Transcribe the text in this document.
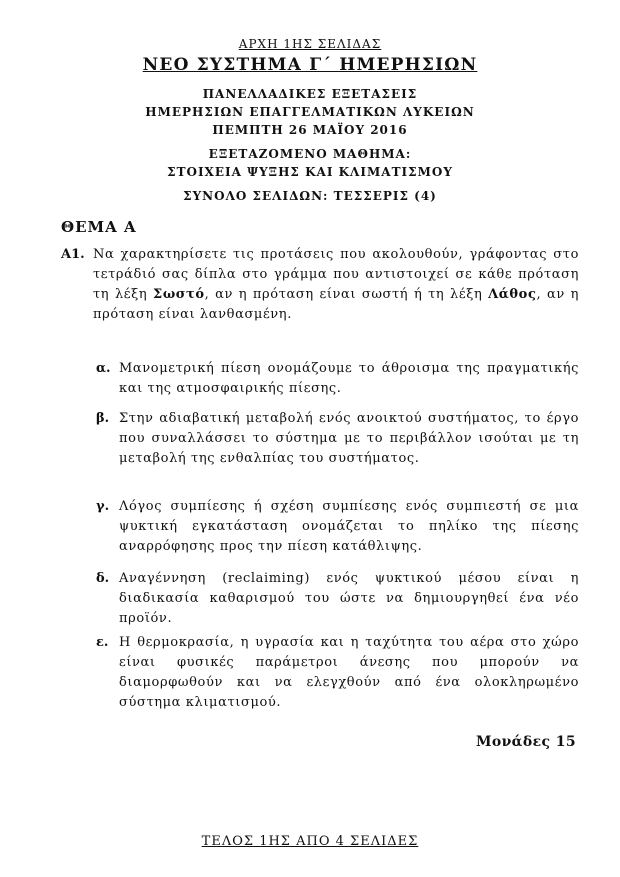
ΑΡΧΗ 1ΗΣ ΣΕΛΙΔΑΣ
ΝΕΟ ΣΥΣΤΗΜΑ Γ΄ ΗΜΕΡΗΣΙΩΝ
ΠΑΝΕΛΛΑΔΙΚΕΣ ΕΞΕΤΑΣΕΙΣ
ΗΜΕΡΗΣΙΩΝ ΕΠΑΓΓΕΛΜΑΤΙΚΩΝ ΛΥΚΕΙΩΝ
ΠΕΜΠΤΗ 26 ΜΑΪΟΥ 2016
ΕΞΕΤΑΖΟΜΕΝΟ ΜΑΘΗΜΑ:
ΣΤΟΙΧΕΙΑ ΨΥΞΗΣ ΚΑΙ ΚΛΙΜΑΤΙΣΜΟΥ
ΣΥΝΟΛΟ ΣΕΛΙΔΩΝ: ΤΕΣΣΕΡΙΣ (4)
ΘΕΜΑ Α
Α1. Να χαρακτηρίσετε τις προτάσεις που ακολουθούν, γράφοντας στο τετράδιό σας δίπλα στο γράμμα που αντιστοιχεί σε κάθε πρόταση τη λέξη Σωστό, αν η πρόταση είναι σωστή ή τη λέξη Λάθος, αν η πρόταση είναι λανθασμένη.
α. Μανομετρική πίεση ονομάζουμε το άθροισμα της πραγματικής και της ατμοσφαιρικής πίεσης.
β. Στην αδιαβατική μεταβολή ενός ανοικτού συστήματος, το έργο που συναλλάσσει το σύστημα με το περιβάλλον ισούται με τη μεταβολή της ενθαλπίας του συστήματος.
γ. Λόγος συμπίεσης ή σχέση συμπίεσης ενός συμπιεστή σε μια ψυκτική εγκατάσταση ονομάζεται το πηλίκο της πίεσης αναρρόφησης προς την πίεση κατάθλιψης.
δ. Αναγέννηση (reclaiming) ενός ψυκτικού μέσου είναι η διαδικασία καθαρισμού του ώστε να δημιουργηθεί ένα νέο προϊόν.
ε. Η θερμοκρασία, η υγρασία και η ταχύτητα του αέρα στο χώρο είναι φυσικές παράμετροι άνεσης που μπορούν να διαμορφωθούν και να ελεγχθούν από ένα ολοκληρωμένο σύστημα κλιματισμού.
Μονάδες 15
ΤΕΛΟΣ 1ΗΣ ΑΠΟ 4 ΣΕΛΙΔΕΣ
